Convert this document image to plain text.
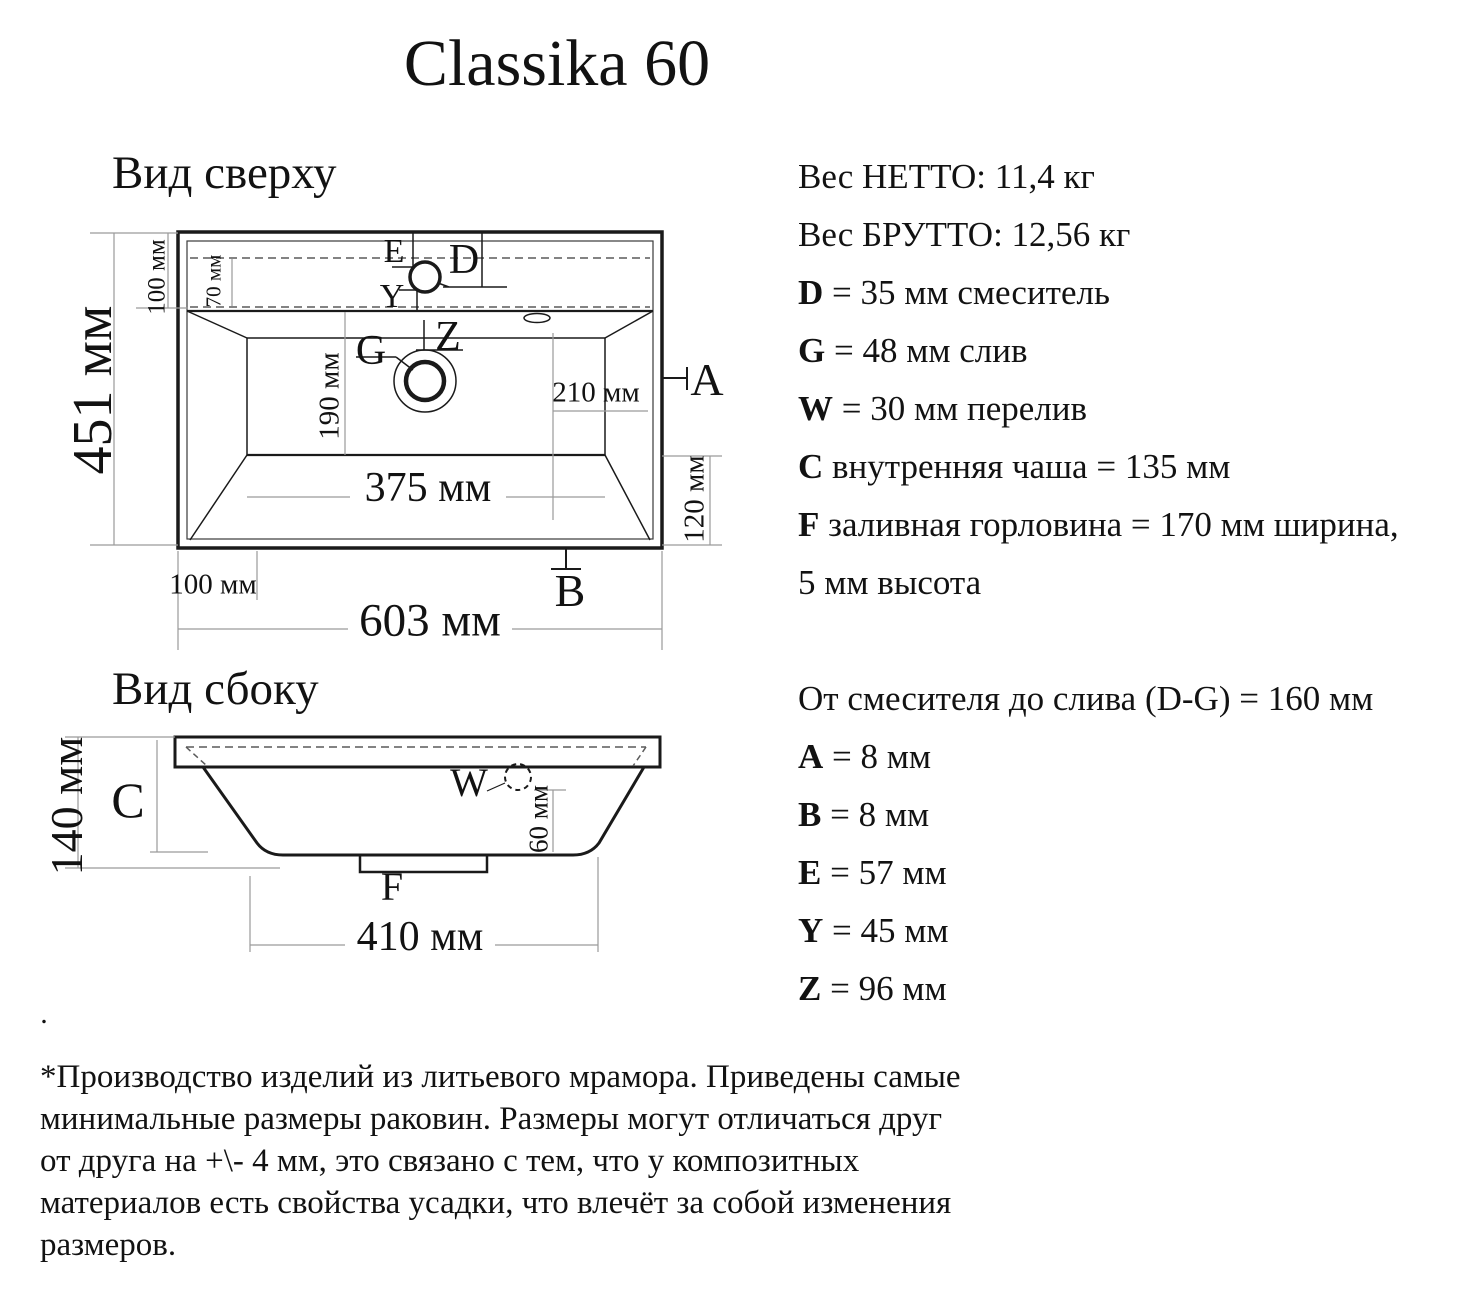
Classika 60
Вид сверху
Вид сбоку
451 мм
100 мм 70 мм
190 мм	210 мм
375 мм	120 мм
100 мм
603 мм
E D
Y
G Z
A
B
140 мм C	W
60 мм
F
410 мм
Вес НЕТТО: 11,4 кг
Вес БРУТТО: 12,56 кг
D = 35 мм смеситель
G = 48 мм слив
W = 30 мм перелив
C внутренняя чаша = 135 мм
F заливная горловина = 170 мм ширина,
5 мм высота
От смесителя до слива (D-G) = 160 мм
A = 8 мм
B = 8 мм
E = 57 мм
Y = 45 мм
Z = 96 мм
.
*Производство изделий из литьевого мрамора. Приведены самые
минимальные размеры раковин. Размеры могут отличаться друг
от друга на +\- 4 мм, это связано с тем, что у композитных
материалов есть свойства усадки, что влечёт за собой изменения
размеров.
